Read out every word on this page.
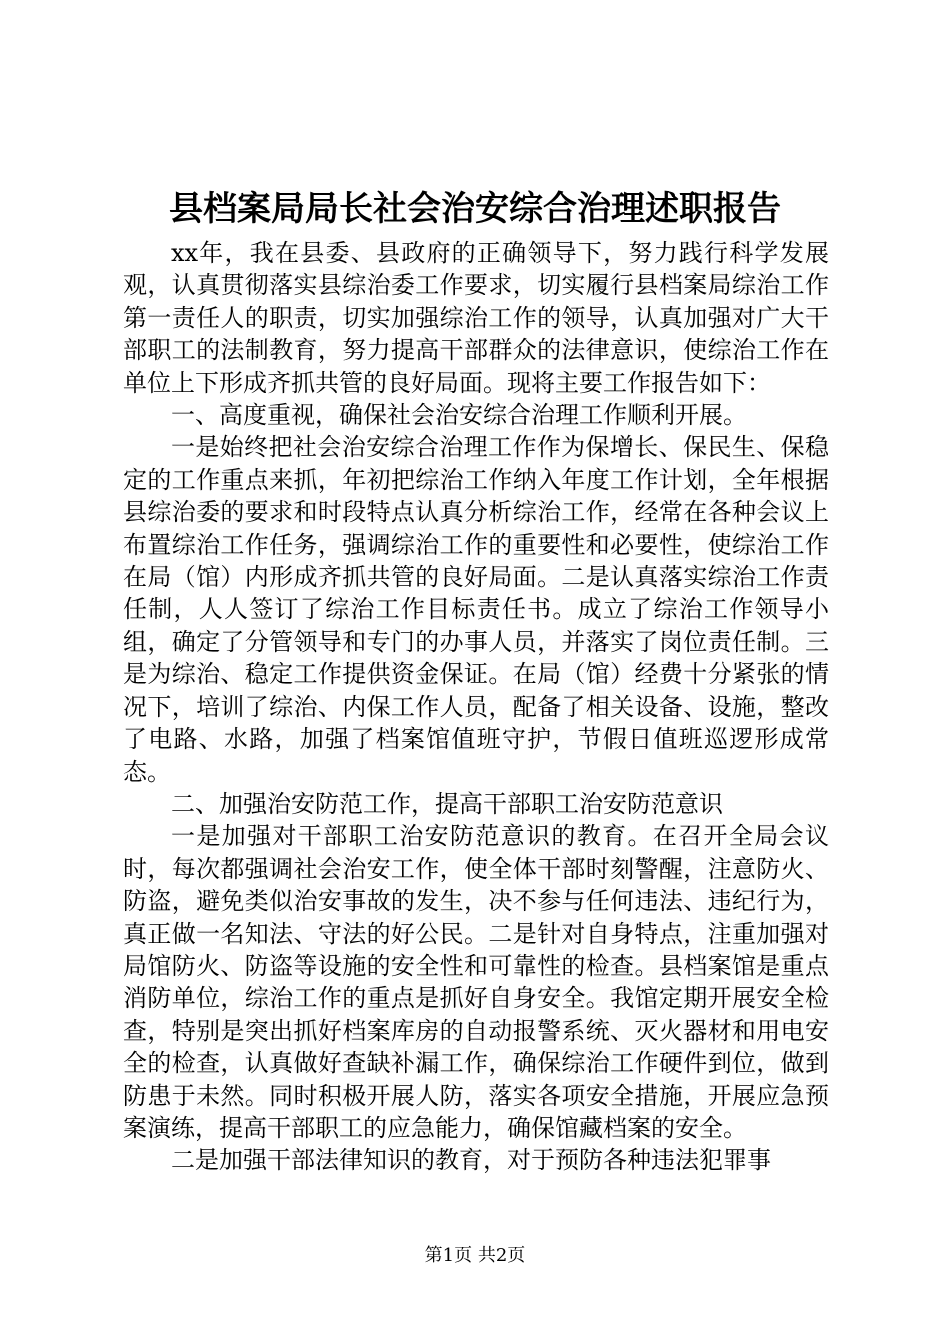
县档案局局长社会治安综合治理述职报告

xx年，我在县委、县政府的正确领导下，努力践行科学发展观，认真贯彻落实县综治委工作要求，切实履行县档案局综治工作第一责任人的职责，切实加强综治工作的领导，认真加强对广大干部职工的法制教育，努力提高干部群众的法律意识，使综治工作在单位上下形成齐抓共管的良好局面。现将主要工作报告如下：

一、高度重视，确保社会治安综合治理工作顺利开展。

一是始终把社会治安综合治理工作作为保增长、保民生、保稳定的工作重点来抓，年初把综治工作纳入年度工作计划，全年根据县综治委的要求和时段特点认真分析综治工作，经常在各种会议上布置综治工作任务，强调综治工作的重要性和必要性，使综治工作在局（馆）内形成齐抓共管的良好局面。二是认真落实综治工作责任制，人人签订了综治工作目标责任书。成立了综治工作领导小组，确定了分管领导和专门的办事人员，并落实了岗位责任制。三是为综治、稳定工作提供资金保证。在局（馆）经费十分紧张的情况下，培训了综治、内保工作人员，配备了相关设备、设施，整改了电路、水路，加强了档案馆值班守护，节假日值班巡逻形成常态。

二、加强治安防范工作，提高干部职工治安防范意识

一是加强对干部职工治安防范意识的教育。在召开全局会议时，每次都强调社会治安工作，使全体干部时刻警醒，注意防火、防盗，避免类似治安事故的发生，决不参与任何违法、违纪行为，真正做一名知法、守法的好公民。二是针对自身特点，注重加强对局馆防火、防盗等设施的安全性和可靠性的检查。县档案馆是重点消防单位，综治工作的重点是抓好自身安全。我馆定期开展安全检查，特别是突出抓好档案库房的自动报警系统、灭火器材和用电安全的检查，认真做好查缺补漏工作，确保综治工作硬件到位，做到防患于未然。同时积极开展人防，落实各项安全措施，开展应急预案演练，提高干部职工的应急能力，确保馆藏档案的安全。

二是加强干部法律知识的教育，对于预防各种违法犯罪事

第1页 共2页
